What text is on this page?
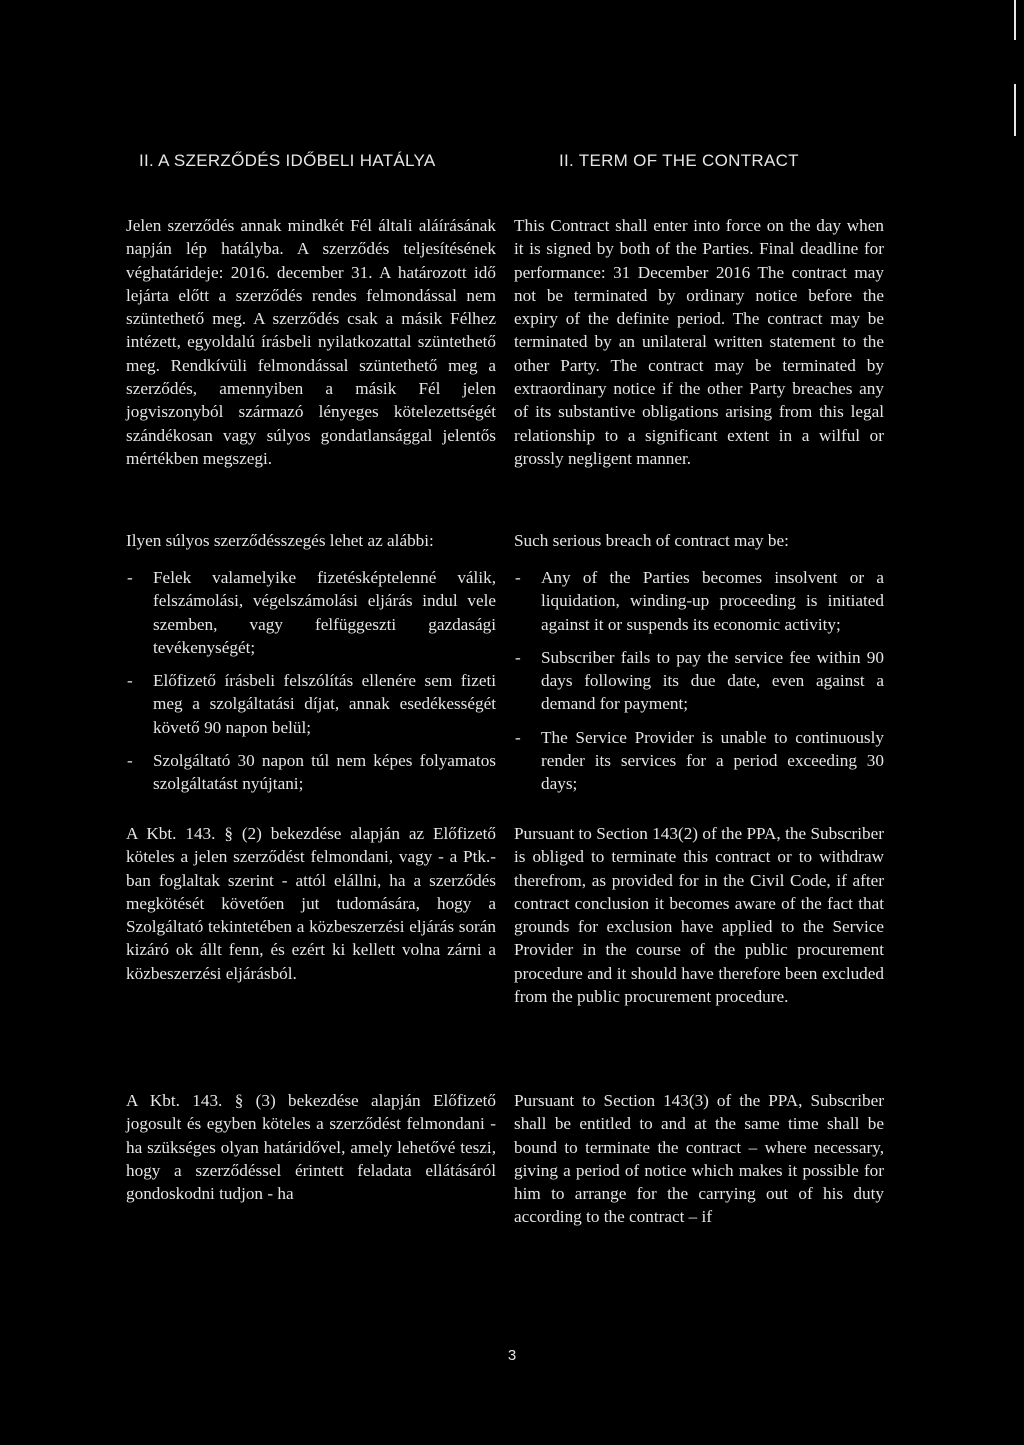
II. A SZERZŐDÉS IDŐBELI HATÁLYA	II. TERM OF THE CONTRACT

Jelen szerződés annak mindkét Fél általi aláírásának napján lép hatályba. A szerződés teljesítésének véghatárideje: 2016. december 31. A határozott idő lejárta előtt a szerződés rendes felmondással nem szüntethető meg. A szerződés csak a másik Félhez intézett, egyoldalú írásbeli nyilatkozattal szüntethető meg. Rendkívüli felmondással szüntethető meg a szerződés, amennyiben a másik Fél jelen jogviszonyból származó lényeges kötelezettségét szándékosan vagy súlyos gondatlansággal jelentős mértékben megszegi.

Ilyen súlyos szerződésszegés lehet az alábbi:

- Felek valamelyike fizetésképtelenné válik, felszámolási, végelszámolási eljárás indul vele szemben, vagy felfüggeszti gazdasági tevékenységét;
- Előfizető írásbeli felszólítás ellenére sem fizeti meg a szolgáltatási díjat, annak esedékességét követő 90 napon belül;
- Szolgáltató 30 napon túl nem képes folyamatos szolgáltatást nyújtani;

A Kbt. 143. § (2) bekezdése alapján az Előfizető köteles a jelen szerződést felmondani, vagy - a Ptk.-ban foglaltak szerint - attól elállni, ha a szerződés megkötését követően jut tudomására, hogy a Szolgáltató tekintetében a közbeszerzési eljárás során kizáró ok állt fenn, és ezért ki kellett volna zárni a közbeszerzési eljárásból.

A Kbt. 143. § (3) bekezdése alapján Előfizető jogosult és egyben köteles a szerződést felmondani - ha szükséges olyan határidővel, amely lehetővé teszi, hogy a szerződéssel érintett feladata ellátásáról gondoskodni tudjon - ha

This Contract shall enter into force on the day when it is signed by both of the Parties. Final deadline for performance: 31 December 2016 The contract may not be terminated by ordinary notice before the expiry of the definite period. The contract may be terminated by an unilateral written statement to the other Party. The contract may be terminated by extraordinary notice if the other Party breaches any of its substantive obligations arising from this legal relationship to a significant extent in a wilful or grossly negligent manner.

Such serious breach of contract may be:

- Any of the Parties becomes insolvent or a liquidation, winding-up proceeding is initiated against it or suspends its economic activity;
- Subscriber fails to pay the service fee within 90 days following its due date, even against a demand for payment;
- The Service Provider is unable to continuously render its services for a period exceeding 30 days;

Pursuant to Section 143(2) of the PPA, the Subscriber is obliged to terminate this contract or to withdraw therefrom, as provided for in the Civil Code, if after contract conclusion it becomes aware of the fact that grounds for exclusion have applied to the Service Provider in the course of the public procurement procedure and it should have therefore been excluded from the public procurement procedure.

Pursuant to Section 143(3) of the PPA, Subscriber shall be entitled to and at the same time shall be bound to terminate the contract – where necessary, giving a period of notice which makes it possible for him to arrange for the carrying out of his duty according to the contract – if

3
